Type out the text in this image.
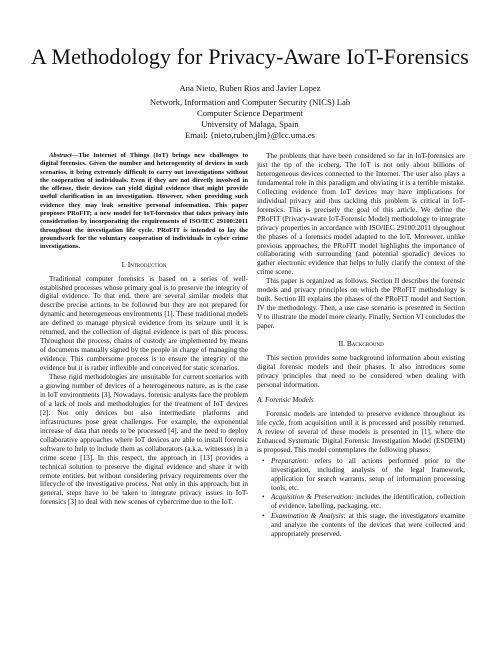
A Methodology for Privacy-Aware IoT-Forensics
Ana Nieto, Ruben Rios and Javier Lopez
Network, Information and Computer Security (NICS) Lab
Computer Science Department
University of Malaga, Spain
Email: {nieto,ruben,jlm}@lcc.uma.es

Abstract—The Internet of Things (IoT) brings new challenges to digital forensics. Given the number and heterogeneity of devices in such scenarios, it bring extremely difficult to carry out investigations without the cooperation of individuals. Even if they are not directly involved in the offense, their devices can yield digital evidence that might provide useful clarification in an investigation. However, when providing such evidence they may leak sensitive personal information. This paper proposes PRoFIT; a new model for IoT-forensics that takes privacy into consideration by incorporating the requirements of ISO/IEC 29100:2011 throughout the investigation life cycle. PRoFIT is intended to lay the groundwork for the voluntary cooperation of individuals in cyber crime investigations.

I. Introduction

Traditional computer forensics is based on a series of well-established processes whose primary goal is to preserve the integrity of digital evidence. To that end, there are several similar models that describe precise actions to be followed but they are not prepared for dynamic and heterogeneous environments [1]. These traditional models are defined to manage physical evidence from its seizure until it is returned, and the collection of digital evidence is part of this process. Throughout the process, chains of custody are implemented by means of documents manually signed by the people in charge of managing the evidence. This cumbersome process is to ensure the integrity of the evidence but it is rather inflexible and conceived for static scenarios.

These rigid methodologies are unsuitable for current scenarios with a growing number of devices of a heterogeneous nature, as is the case in IoT environments [3]. Nowadays, forensic analysts face the problem of a lack of tools and methodologies for the treatment of IoT devices [2]. Not only devices but also intermediate platforms and infrastructures pose great challenges. For example, the exponential increase of data that needs to be processed [4], and the need to deploy collaborative approaches where IoT devices are able to install forensic software to help to include them as collaborators (a.k.a. witnesses) in a crime scene [13]. In this respect, the approach in [13] provides a technical solution to preserve the digital evidence and share it with remote entities, but without considering privacy requirements over the lifecycle of the investigative process. Not only in this approach, but in general, steps have to be taken to integrate privacy issues in IoT-forensics [3] to deal with new scenes of cybercrime due to the IoT.

The problems that have been considered so far in IoT-forensics are just the tip of the iceberg. The IoT is not only about billions of heterogeneous devices connected to the Internet. The user also plays a fundamental role in this paradigm and obviating it is a terrible mistake. Collecting evidence from IoT devices may have implications for individual privacy and thus tackling this problem is critical in IoT-forensics. This is precisely the goal of this article. We define the PRoFIT (Privacy-aware IoT-Forensic Model) methodology to integrate privacy properties in accordance with ISO/IEC 29100:2011 throughout the phases of a forensics model adapted to the IoT. Moreover, unlike previous approaches, the PRoFIT model highlights the importance of collaborating with surrounding (and potential sporadic) devices to gather electronic evidence that helps to fully clarify the context of the crime scene.

This paper is organized as follows. Section II describes the forensic models and privacy principles on which the PRoFIT methodology is built. Section III explains the phases of the PRoFIT model and Section IV the methodology. Then, a use case scenario is presented in Section V to illustrate the model more clearly. Finally, Section VI concludes the paper.

II. Background

This section provides some background information about existing digital forensic models and their phases. It also introduces some privacy principles that need to be considered when dealing with personal information.

A. Forensic Models

Forensic models are intended to preserve evidence throughout its life cycle, from acquisition until it is processed and possibly returned. A review of several of these models is presented in [1], where the Enhanced Systematic Digital Forensic Investigation Model (ESDFIM) is proposed. This model contemplates the following phases:

• Preparation: refers to all actions performed prior to the investigation, including analysis of the legal framework, application for search warrants, setup of information processing tools, etc.
• Acquisition & Preservation: includes the identification, collection of evidence, labelling, packaging, etc.
• Examination & Analysis: at this stage, the investigators examine and analyze the contents of the devices that were collected and appropriately preserved.
